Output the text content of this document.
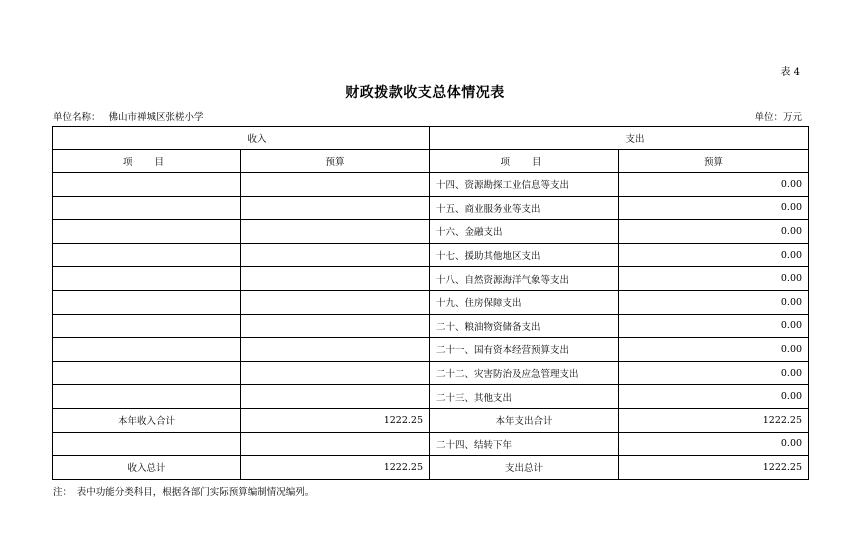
表 4
财政拨款收支总体情况表
单位名称： 佛山市禅城区张槎小学	单位：万元
收入		支出	
项目	预算	项目	预算
		十四、资源勘探工业信息等支出	0.00
		十五、商业服务业等支出	0.00
		十六、金融支出	0.00
		十七、援助其他地区支出	0.00
		十八、自然资源海洋气象等支出	0.00
		十九、住房保障支出	0.00
		二十、粮油物资储备支出	0.00
		二十一、国有资本经营预算支出	0.00
		二十二、灾害防治及应急管理支出	0.00
		二十三、其他支出	0.00
本年收入合计	1222.25	本年支出合计	1222.25
		二十四、结转下年	0.00
收入总计	1222.25	支出总计	1222.25
注：　表中功能分类科目，根据各部门实际预算编制情况编列。
